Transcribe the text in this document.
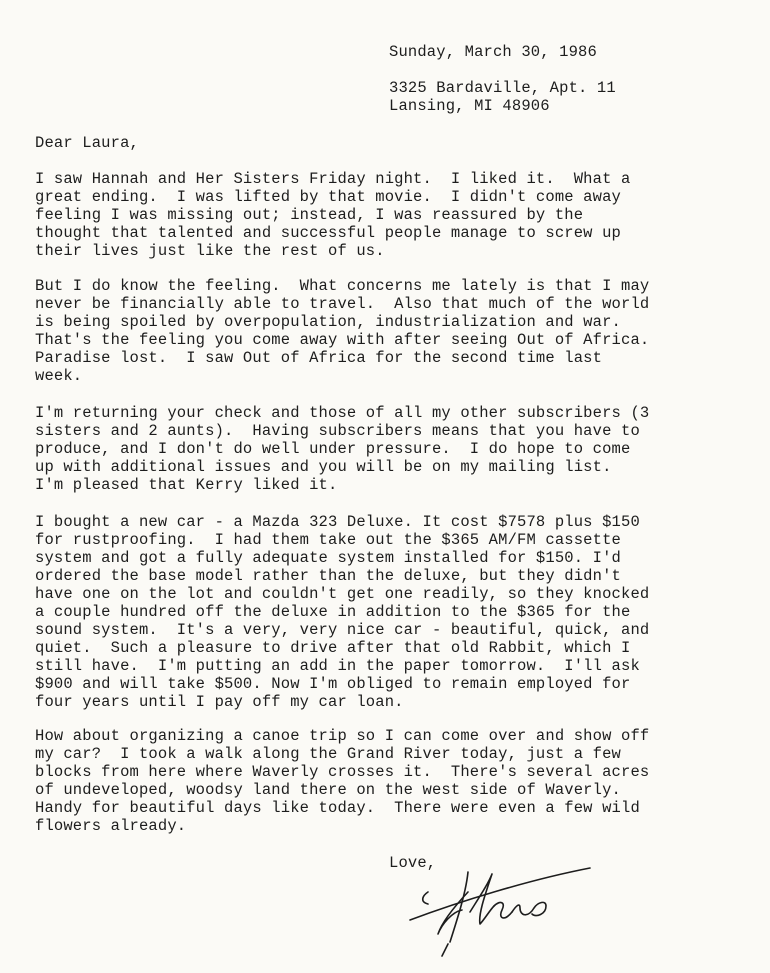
Sunday, March 30, 1986
3325 Bardaville, Apt. 11
Lansing, MI 48906
Dear Laura,
I saw Hannah and Her Sisters Friday night.  I liked it.  What a
great ending.  I was lifted by that movie.  I didn't come away
feeling I was missing out; instead, I was reassured by the
thought that talented and successful people manage to screw up
their lives just like the rest of us.
But I do know the feeling.  What concerns me lately is that I may
never be financially able to travel.  Also that much of the world
is being spoiled by overpopulation, industrialization and war.
That's the feeling you come away with after seeing Out of Africa.
Paradise lost.  I saw Out of Africa for the second time last
week.
I'm returning your check and those of all my other subscribers (3
sisters and 2 aunts).  Having subscribers means that you have to
produce, and I don't do well under pressure.  I do hope to come
up with additional issues and you will be on my mailing list.
I'm pleased that Kerry liked it.
I bought a new car - a Mazda 323 Deluxe. It cost $7578 plus $150
for rustproofing.  I had them take out the $365 AM/FM cassette
system and got a fully adequate system installed for $150. I'd
ordered the base model rather than the deluxe, but they didn't
have one on the lot and couldn't get one readily, so they knocked
a couple hundred off the deluxe in addition to the $365 for the
sound system.  It's a very, very nice car - beautiful, quick, and
quiet.  Such a pleasure to drive after that old Rabbit, which I
still have.  I'm putting an add in the paper tomorrow.  I'll ask
$900 and will take $500. Now I'm obliged to remain employed for
four years until I pay off my car loan.
How about organizing a canoe trip so I can come over and show off
my car?  I took a walk along the Grand River today, just a few
blocks from here where Waverly crosses it.  There's several acres
of undeveloped, woodsy land there on the west side of Waverly.
Handy for beautiful days like today.  There were even a few wild
flowers already.
Love,
